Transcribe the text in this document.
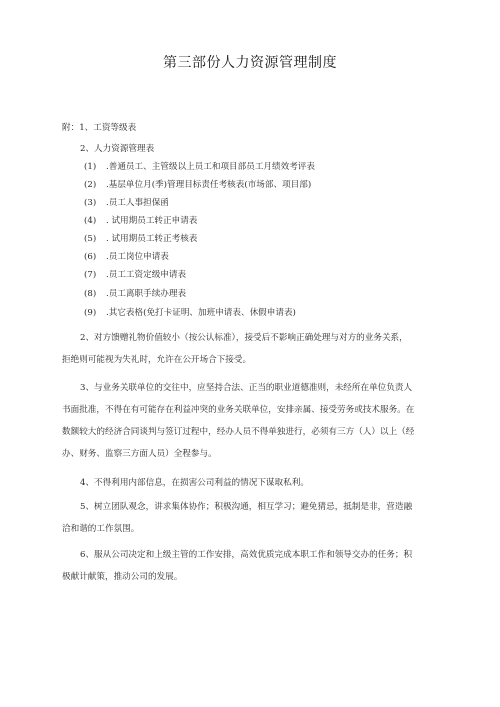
第三部份人力资源管理制度
附：1、工资等级表
2、人力资源管理表
(1) .普通员工、主管级以上员工和项目部员工月绩效考评表
(2) .基层单位月(季)管理目标责任考核表(市场部、项目部)
(3) .员工人事担保函
(4) . 试用期员工转正申请表
(5) . 试用期员工转正考核表
(6) .员工岗位申请表
(7) .员工工资定级申请表
(8) .员工离职手续办理表
(9) .其它表格(免打卡证明、加班申请表、休假申请表)
2、对方馈赠礼物价值较小（按公认标准），接受后不影响正确处理与对方的业务关系，
拒绝则可能视为失礼时，允许在公开场合下接受。
3、与业务关联单位的交往中，应坚持合法、正当的职业道德准则，未经所在单位负责人
书面批准，不得在有可能存在利益冲突的业务关联单位，安排亲属、接受劳务或技术服务。在
数额较大的经济合同谈判与签订过程中，经办人员不得单独进行，必须有三方（人）以上（经
办、财务、监察三方面人员）全程参与。
4、不得利用内部信息，在损害公司利益的情况下谋取私利。
5、树立团队观念，讲求集体协作；积极沟通，相互学习；避免猜忌，抵制是非，营造融
洽和谐的工作氛围。
6、服从公司决定和上级主管的工作安排，高效优质完成本职工作和领导交办的任务；积
极献计献策，推动公司的发展。
